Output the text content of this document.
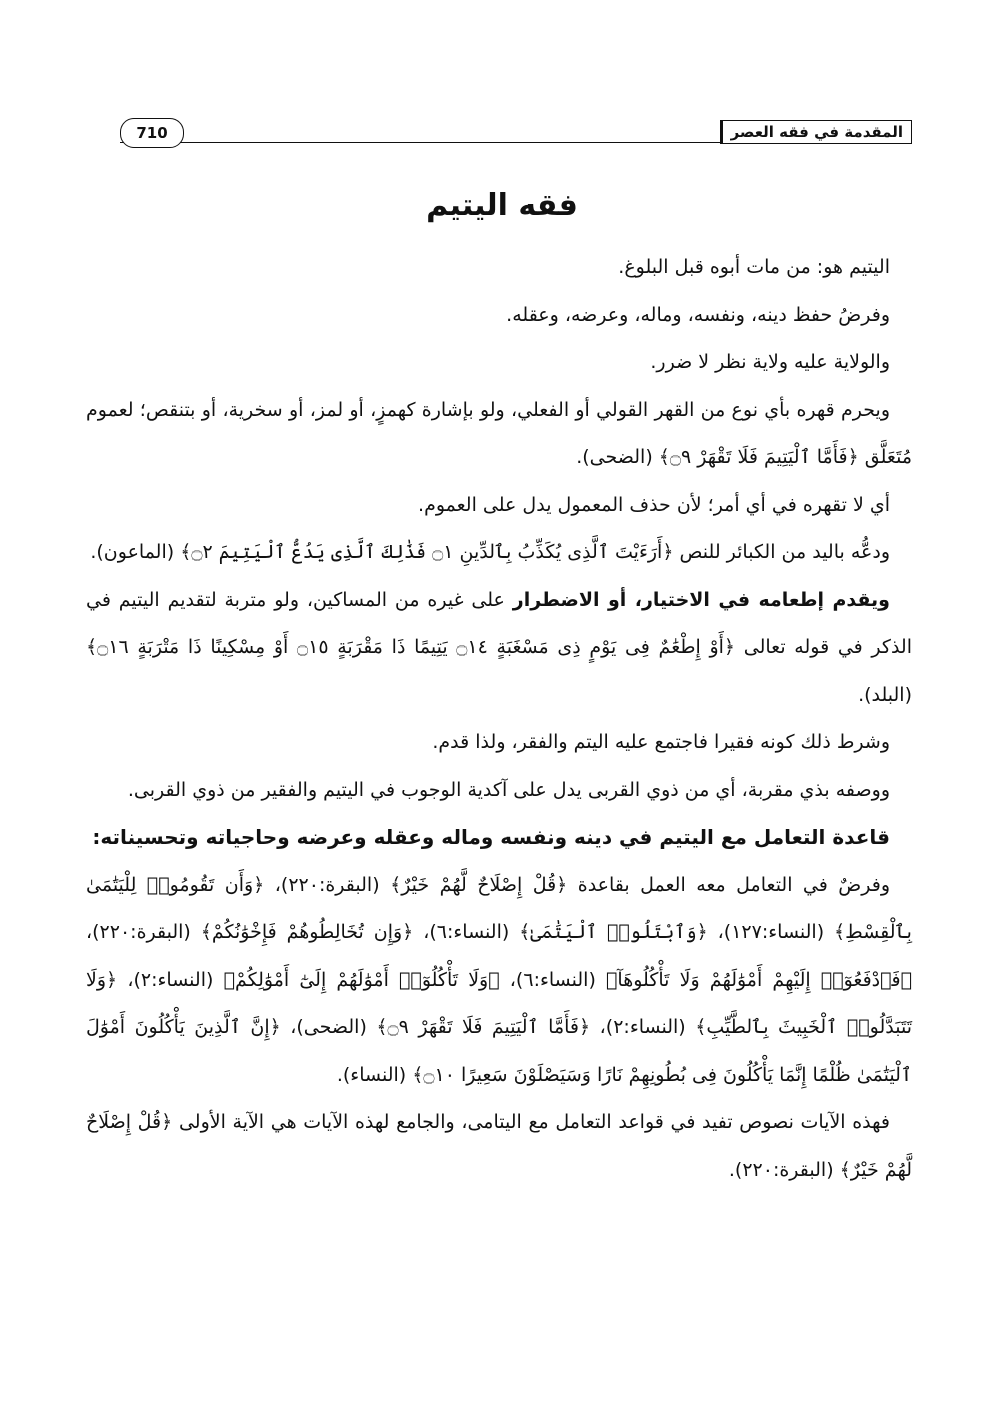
المقدمة في فقه العصر
710
فقه اليتيم

اليتيم هو: من مات أبوه قبل البلوغ.

وفرضُ حفظ دينه، ونفسه، وماله، وعرضه، وعقله.

والولاية عليه ولاية نظر لا ضرر.

ويحرم قهره بأي نوع من القهر القولي أو الفعلي، ولو بإشارة كهمزٍ، أو لمز، أو سخرية، أو بتنقص؛ لعموم مُتَعَلَّق ﴿فَأَمَّا ٱلْيَتِيمَ فَلَا تَقْهَرْ ۝٩﴾ (الضحى).

أي لا تقهره في أي أمر؛ لأن حذف المعمول يدل على العموم.

ودعُّه باليد من الكبائر للنص ﴿أَرَءَيْتَ ٱلَّذِى يُكَذِّبُ بِٱلدِّينِ ۝١ فَذَٰلِكَ ٱلَّذِى يَدُعُّ ٱلْيَتِيمَ ۝٢﴾ (الماعون).

ويقدم إطعامه في الاختيار، أو الاضطرار على غيره من المساكين، ولو متربة لتقديم اليتيم في الذكر في قوله تعالى ﴿أَوْ إِطْعَٰمٌ فِى يَوْمٍ ذِى مَسْغَبَةٍ ۝١٤ يَتِيمًا ذَا مَقْرَبَةٍ ۝١٥ أَوْ مِسْكِينًا ذَا مَتْرَبَةٍ ۝١٦﴾ (البلد).

وشرط ذلك كونه فقيرا فاجتمع عليه اليتم والفقر، ولذا قدم.

ووصفه بذي مقربة، أي من ذوي القربى يدل على آكدية الوجوب في اليتيم والفقير من ذوي القربى.

قاعدة التعامل مع اليتيم في دينه ونفسه وماله وعقله وعرضه وحاجياته وتحسيناته:

وفرضٌ في التعامل معه العمل بقاعدة ﴿قُلْ إِصْلَاحٌ لَّهُمْ خَيْرٌ﴾ (البقرة:٢٢٠)، ﴿وَأَن تَقُومُوا۟ لِلْيَتَٰمَىٰ بِٱلْقِسْطِ﴾ (النساء:١٢٧)، ﴿وَٱبْتَلُوا۟ ٱلْيَتَٰمَىٰ﴾ (النساء:٦)، ﴿وَإِن تُخَالِطُوهُمْ فَإِخْوَٰنُكُمْ﴾ (البقرة:٢٢٠)، ﴿فَٱدْفَعُوٓا۟ إِلَيْهِمْ أَمْوَٰلَهُمْ وَلَا تَأْكُلُوهَآ﴾ (النساء:٦)، ﴿وَلَا تَأْكُلُوٓا۟ أَمْوَٰلَهُمْ إِلَىٰٓ أَمْوَٰلِكُمْ﴾ (النساء:٢)، ﴿وَلَا تَتَبَدَّلُوا۟ ٱلْخَبِيثَ بِٱلطَّيِّبِ﴾ (النساء:٢)، ﴿فَأَمَّا ٱلْيَتِيمَ فَلَا تَقْهَرْ ۝٩﴾ (الضحى)، ﴿إِنَّ ٱلَّذِينَ يَأْكُلُونَ أَمْوَٰلَ ٱلْيَتَٰمَىٰ ظُلْمًا إِنَّمَا يَأْكُلُونَ فِى بُطُونِهِمْ نَارًا وَسَيَصْلَوْنَ سَعِيرًا ۝١٠﴾ (النساء).

فهذه الآيات نصوص تفيد في قواعد التعامل مع اليتامى، والجامع لهذه الآيات هي الآية الأولى ﴿قُلْ إِصْلَاحٌ لَّهُمْ خَيْرٌ﴾ (البقرة:٢٢٠).
